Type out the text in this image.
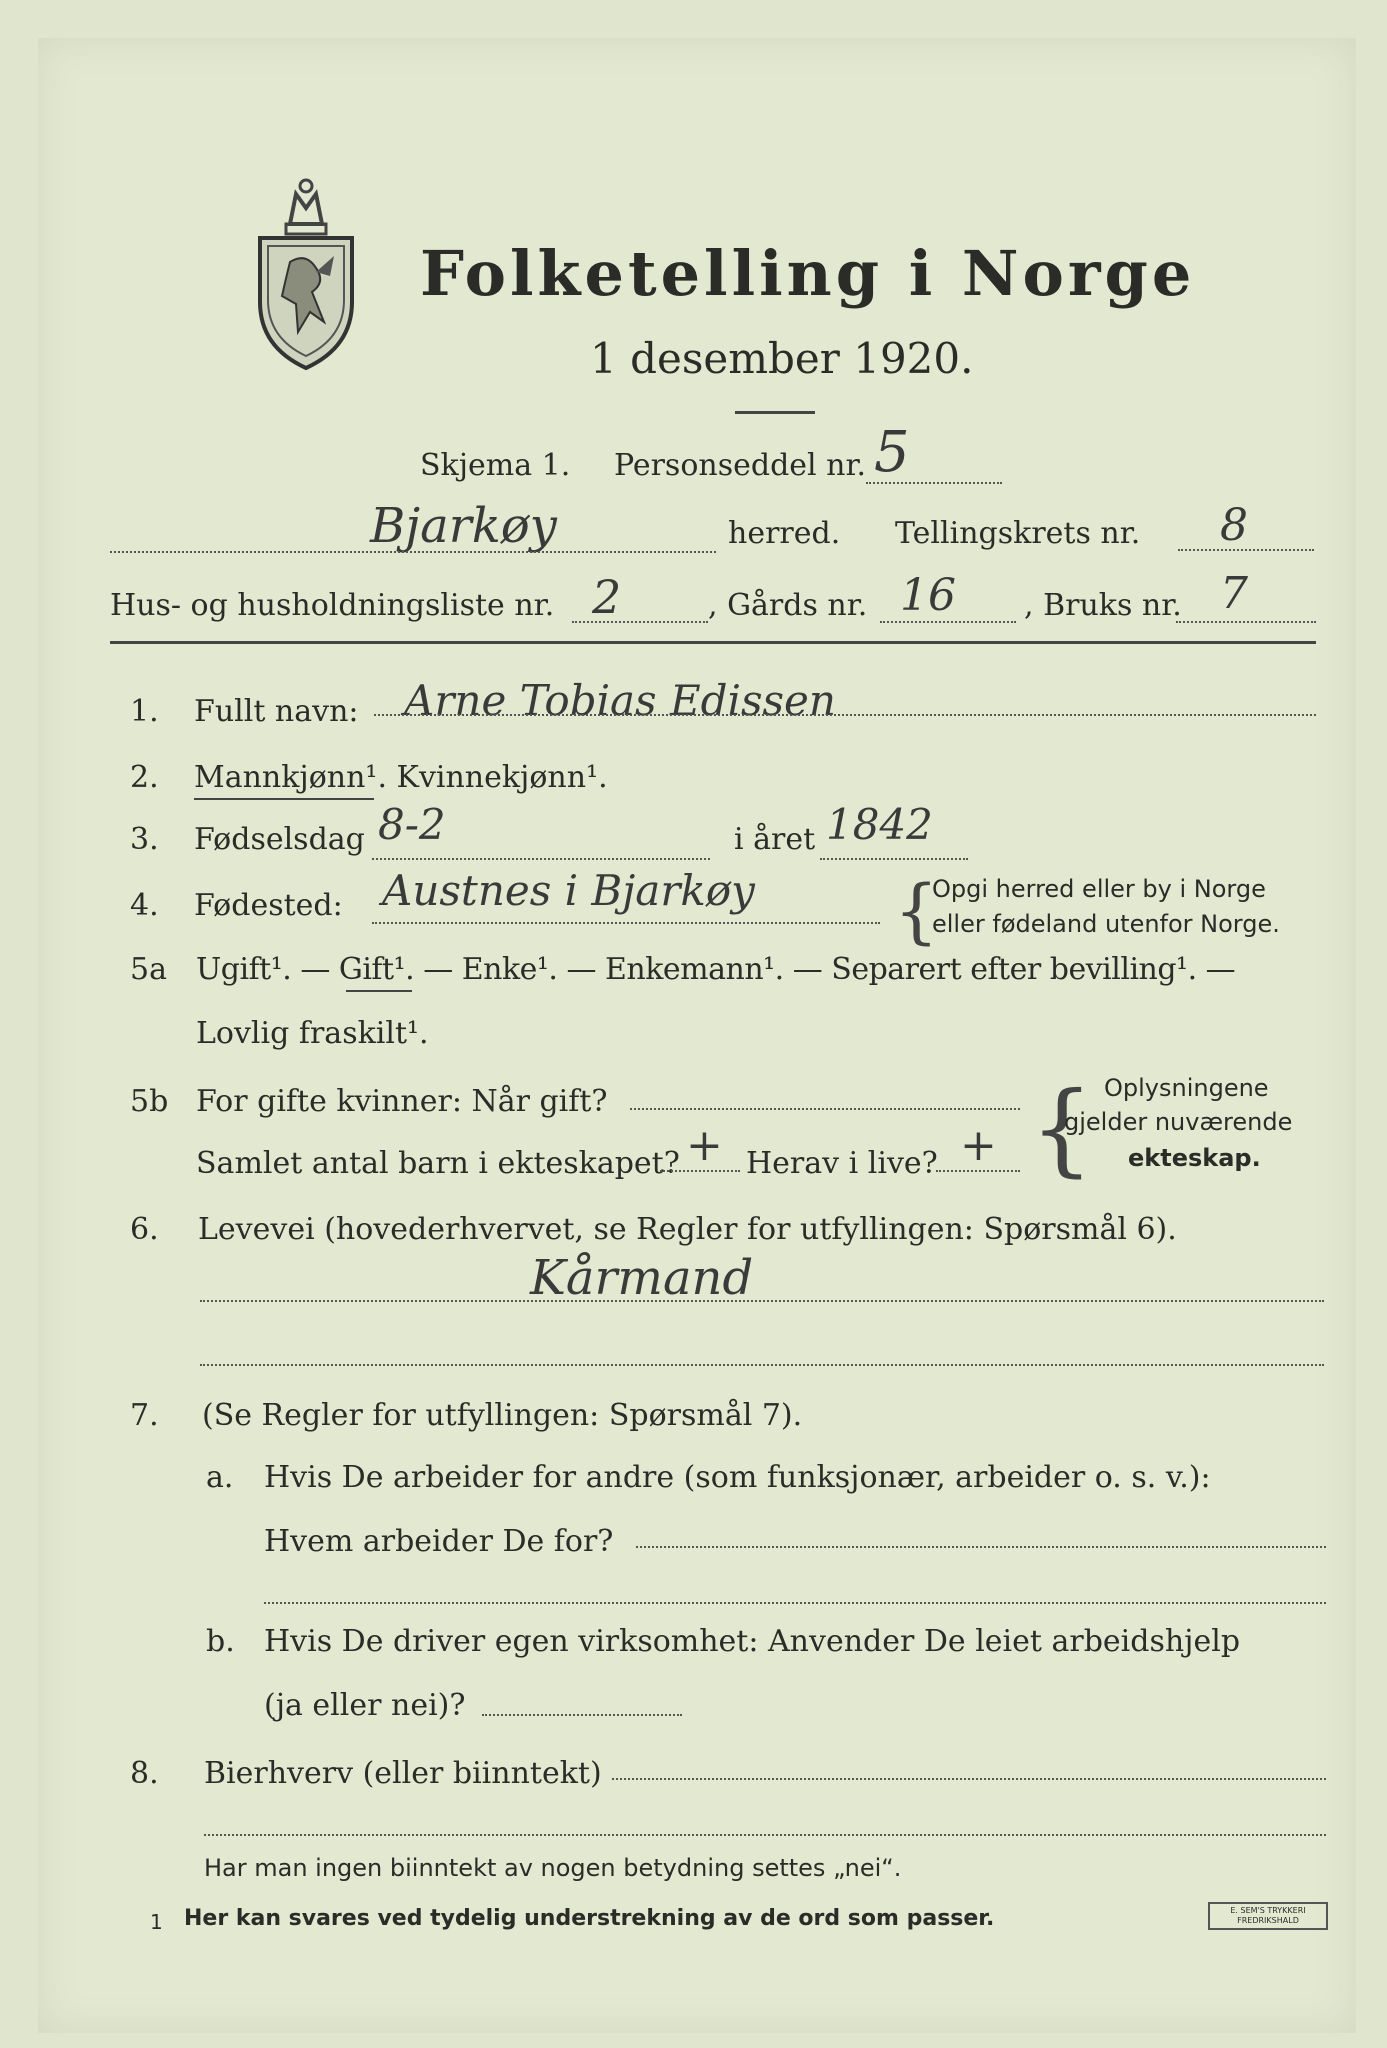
Folketelling i Norge
1 desember 1920.
Skjema 1. Personseddel nr. 5
Bjarkøy	herred. Tellingskrets nr. 8
Hus- og husholdningsliste nr. 2	, Gårds nr. 16 , Bruks nr. 7
1. Fullt navn: Arne Tobias Edissen
2. Mannkjønn¹. Kvinnekjønn¹.
3. Fødselsdag 8-2	i året 1842
4. Fødested: Austnes i Bjarkøy {
Opgi herred eller by i Norge
eller fødeland utenfor Norge.
5a Ugift¹. — Gift¹. — Enke¹. — Enkemann¹. — Separert efter bevilling¹. —
Lovlig fraskilt¹.
5b For gifte kvinner: Når gift?
Samlet antal barn i ekteskapet? + Herav i live? + { Oplysningene
gjelder nuværende
ekteskap.
6. Levevei (hovederhvervet, se Regler for utfyllingen: Spørsmål 6).
Kårmand
7. (Se Regler for utfyllingen: Spørsmål 7).
a. Hvis De arbeider for andre (som funksjonær, arbeider o. s. v.):
Hvem arbeider De for?
b. Hvis De driver egen virksomhet: Anvender De leiet arbeidshjelp
(ja eller nei)?
8. Bierhverv (eller biinntekt)
Har man ingen biinntekt av nogen betydning settes „nei“.
1 Her kan svares ved tydelig understrekning av de ord som passer.	E. SEM'S TRYKKERI FREDRIKSHALD
